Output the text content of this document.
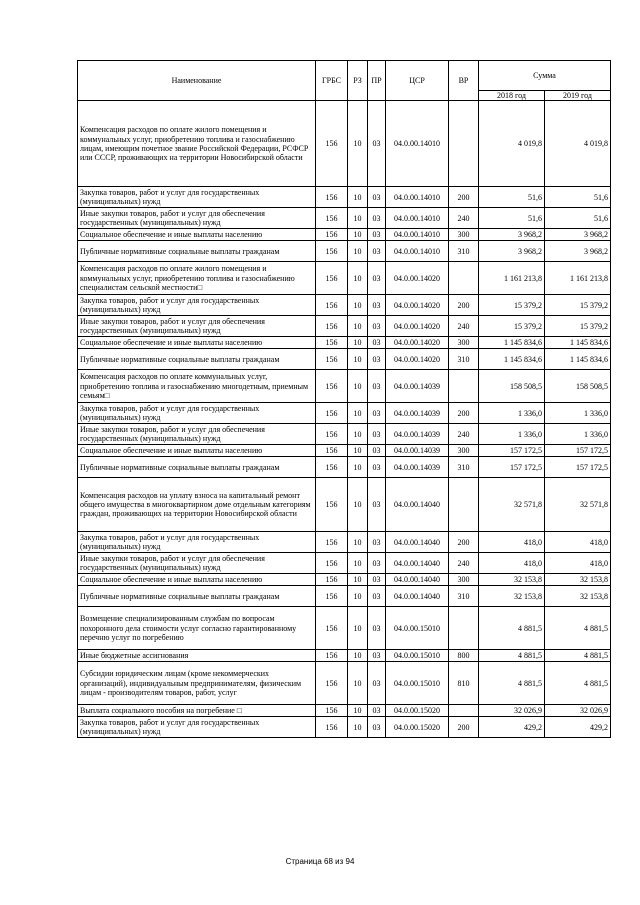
Наименование	ГРБС	РЗ	ПР	ЦСР	ВР	Сумма	
						2018 год	2019 год
Компенсация расходов по оплате жилого помещения и коммунальных услуг, приобретению топлива и газоснабжению лицам, имеющим почетное звание Российской Федерации, РСФСР или СССР, проживающих на территории Новосибирской области	156	10	03	04.0.00.14010		4 019,8	4 019,8
Закупка товаров, работ и услуг для государственных (муниципальных) нужд	156	10	03	04.0.00.14010	200	51,6	51,6
Иные закупки товаров, работ и услуг для обеспечения государственных (муниципальных) нужд	156	10	03	04.0.00.14010	240	51,6	51,6
Социальное обеспечение и иные выплаты населению	156	10	03	04.0.00.14010	300	3 968,2	3 968,2
Публичные нормативные социальные выплаты гражданам	156	10	03	04.0.00.14010	310	3 968,2	3 968,2
Компенсация расходов по оплате жилого помещения и коммунальных услуг, приобретению топлива и газоснабжению специалистам сельской местности□	156	10	03	04.0.00.14020		1 161 213,8	1 161 213,8
Закупка товаров, работ и услуг для государственных (муниципальных) нужд	156	10	03	04.0.00.14020	200	15 379,2	15 379,2
Иные закупки товаров, работ и услуг для обеспечения государственных (муниципальных) нужд	156	10	03	04.0.00.14020	240	15 379,2	15 379,2
Социальное обеспечение и иные выплаты населению	156	10	03	04.0.00.14020	300	1 145 834,6	1 145 834,6
Публичные нормативные социальные выплаты гражданам	156	10	03	04.0.00.14020	310	1 145 834,6	1 145 834,6
Компенсация расходов по оплате коммунальных услуг, приобретению топлива и газоснабжению многодетным, приемным семьям□	156	10	03	04.0.00.14039		158 508,5	158 508,5
Закупка товаров, работ и услуг для государственных (муниципальных) нужд	156	10	03	04.0.00.14039	200	1 336,0	1 336,0
Иные закупки товаров, работ и услуг для обеспечения государственных (муниципальных) нужд	156	10	03	04.0.00.14039	240	1 336,0	1 336,0
Социальное обеспечение и иные выплаты населению	156	10	03	04.0.00.14039	300	157 172,5	157 172,5
Публичные нормативные социальные выплаты гражданам	156	10	03	04.0.00.14039	310	157 172,5	157 172,5
Компенсация расходов на уплату взноса на капитальный ремонт общего имущества в многоквартирном доме отдельным категориям граждан, проживающих на территории Новосибирской области	156	10	03	04.0.00.14040		32 571,8	32 571,8
Закупка товаров, работ и услуг для государственных (муниципальных) нужд	156	10	03	04.0.00.14040	200	418,0	418,0
Иные закупки товаров, работ и услуг для обеспечения государственных (муниципальных) нужд	156	10	03	04.0.00.14040	240	418,0	418,0
Социальное обеспечение и иные выплаты населению	156	10	03	04.0.00.14040	300	32 153,8	32 153,8
Публичные нормативные социальные выплаты гражданам	156	10	03	04.0.00.14040	310	32 153,8	32 153,8
Возмещение специализированным службам по вопросам похоронного дела стоимости услуг согласно гарантированному перечню услуг по погребению	156	10	03	04.0.00.15010		4 881,5	4 881,5
Иные бюджетные ассигнования	156	10	03	04.0.00.15010	800	4 881,5	4 881,5
Субсидии юридическим лицам (кроме некоммерческих организаций), индивидуальным предпринимателям, физическим лицам - производителям товаров, работ, услуг	156	10	03	04.0.00.15010	810	4 881,5	4 881,5
Выплата социального пособия на погребение □	156	10	03	04.0.00.15020		32 026,9	32 026,9
Закупка товаров, работ и услуг для государственных (муниципальных) нужд	156	10	03	04.0.00.15020	200	429,2	429,2
Страница 68 из 94
